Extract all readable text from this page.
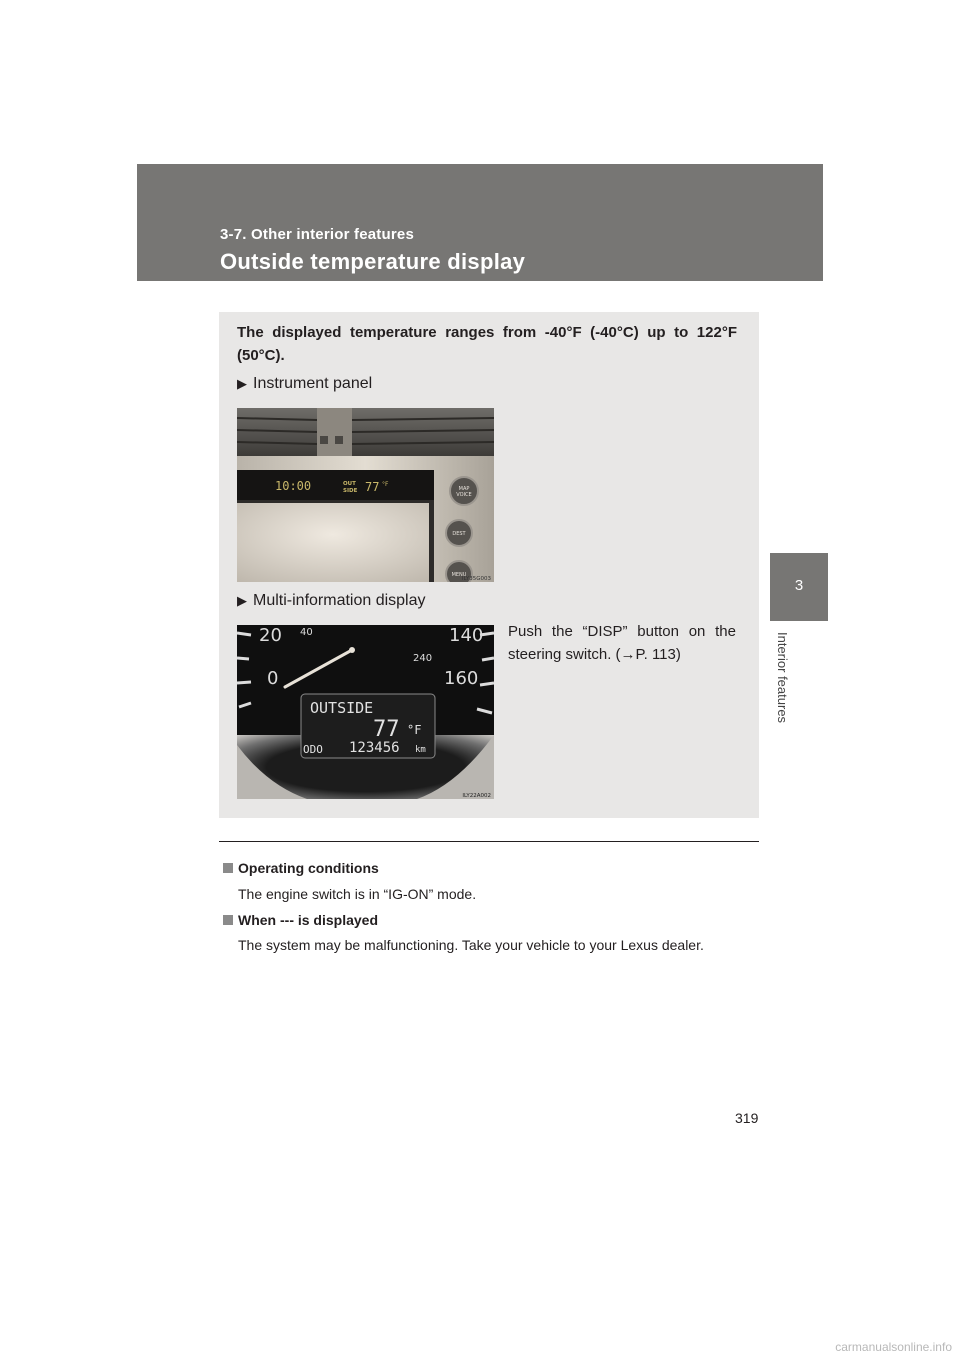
3-7. Other interior features
Outside temperature display
3
Interior features
The displayed temperature ranges from -40°F (-40°C) up to 122°F (50°C).
▶ Instrument panel
10:00	OUT
SIDE 77 °F
MAP
VOICE
DEST
MENU
ILY35G003
▶ Multi-information display
Push the “DISP” button on the steering switch. (→P. 113)
20 40	140
240
0	160
OUTSIDE
77 °F
ODO 123456 km
ILY22A002
Operating conditions
The engine switch is in “IG-ON” mode.
When --- is displayed
The system may be malfunctioning. Take your vehicle to your Lexus dealer.
319
carmanualsonline.info
